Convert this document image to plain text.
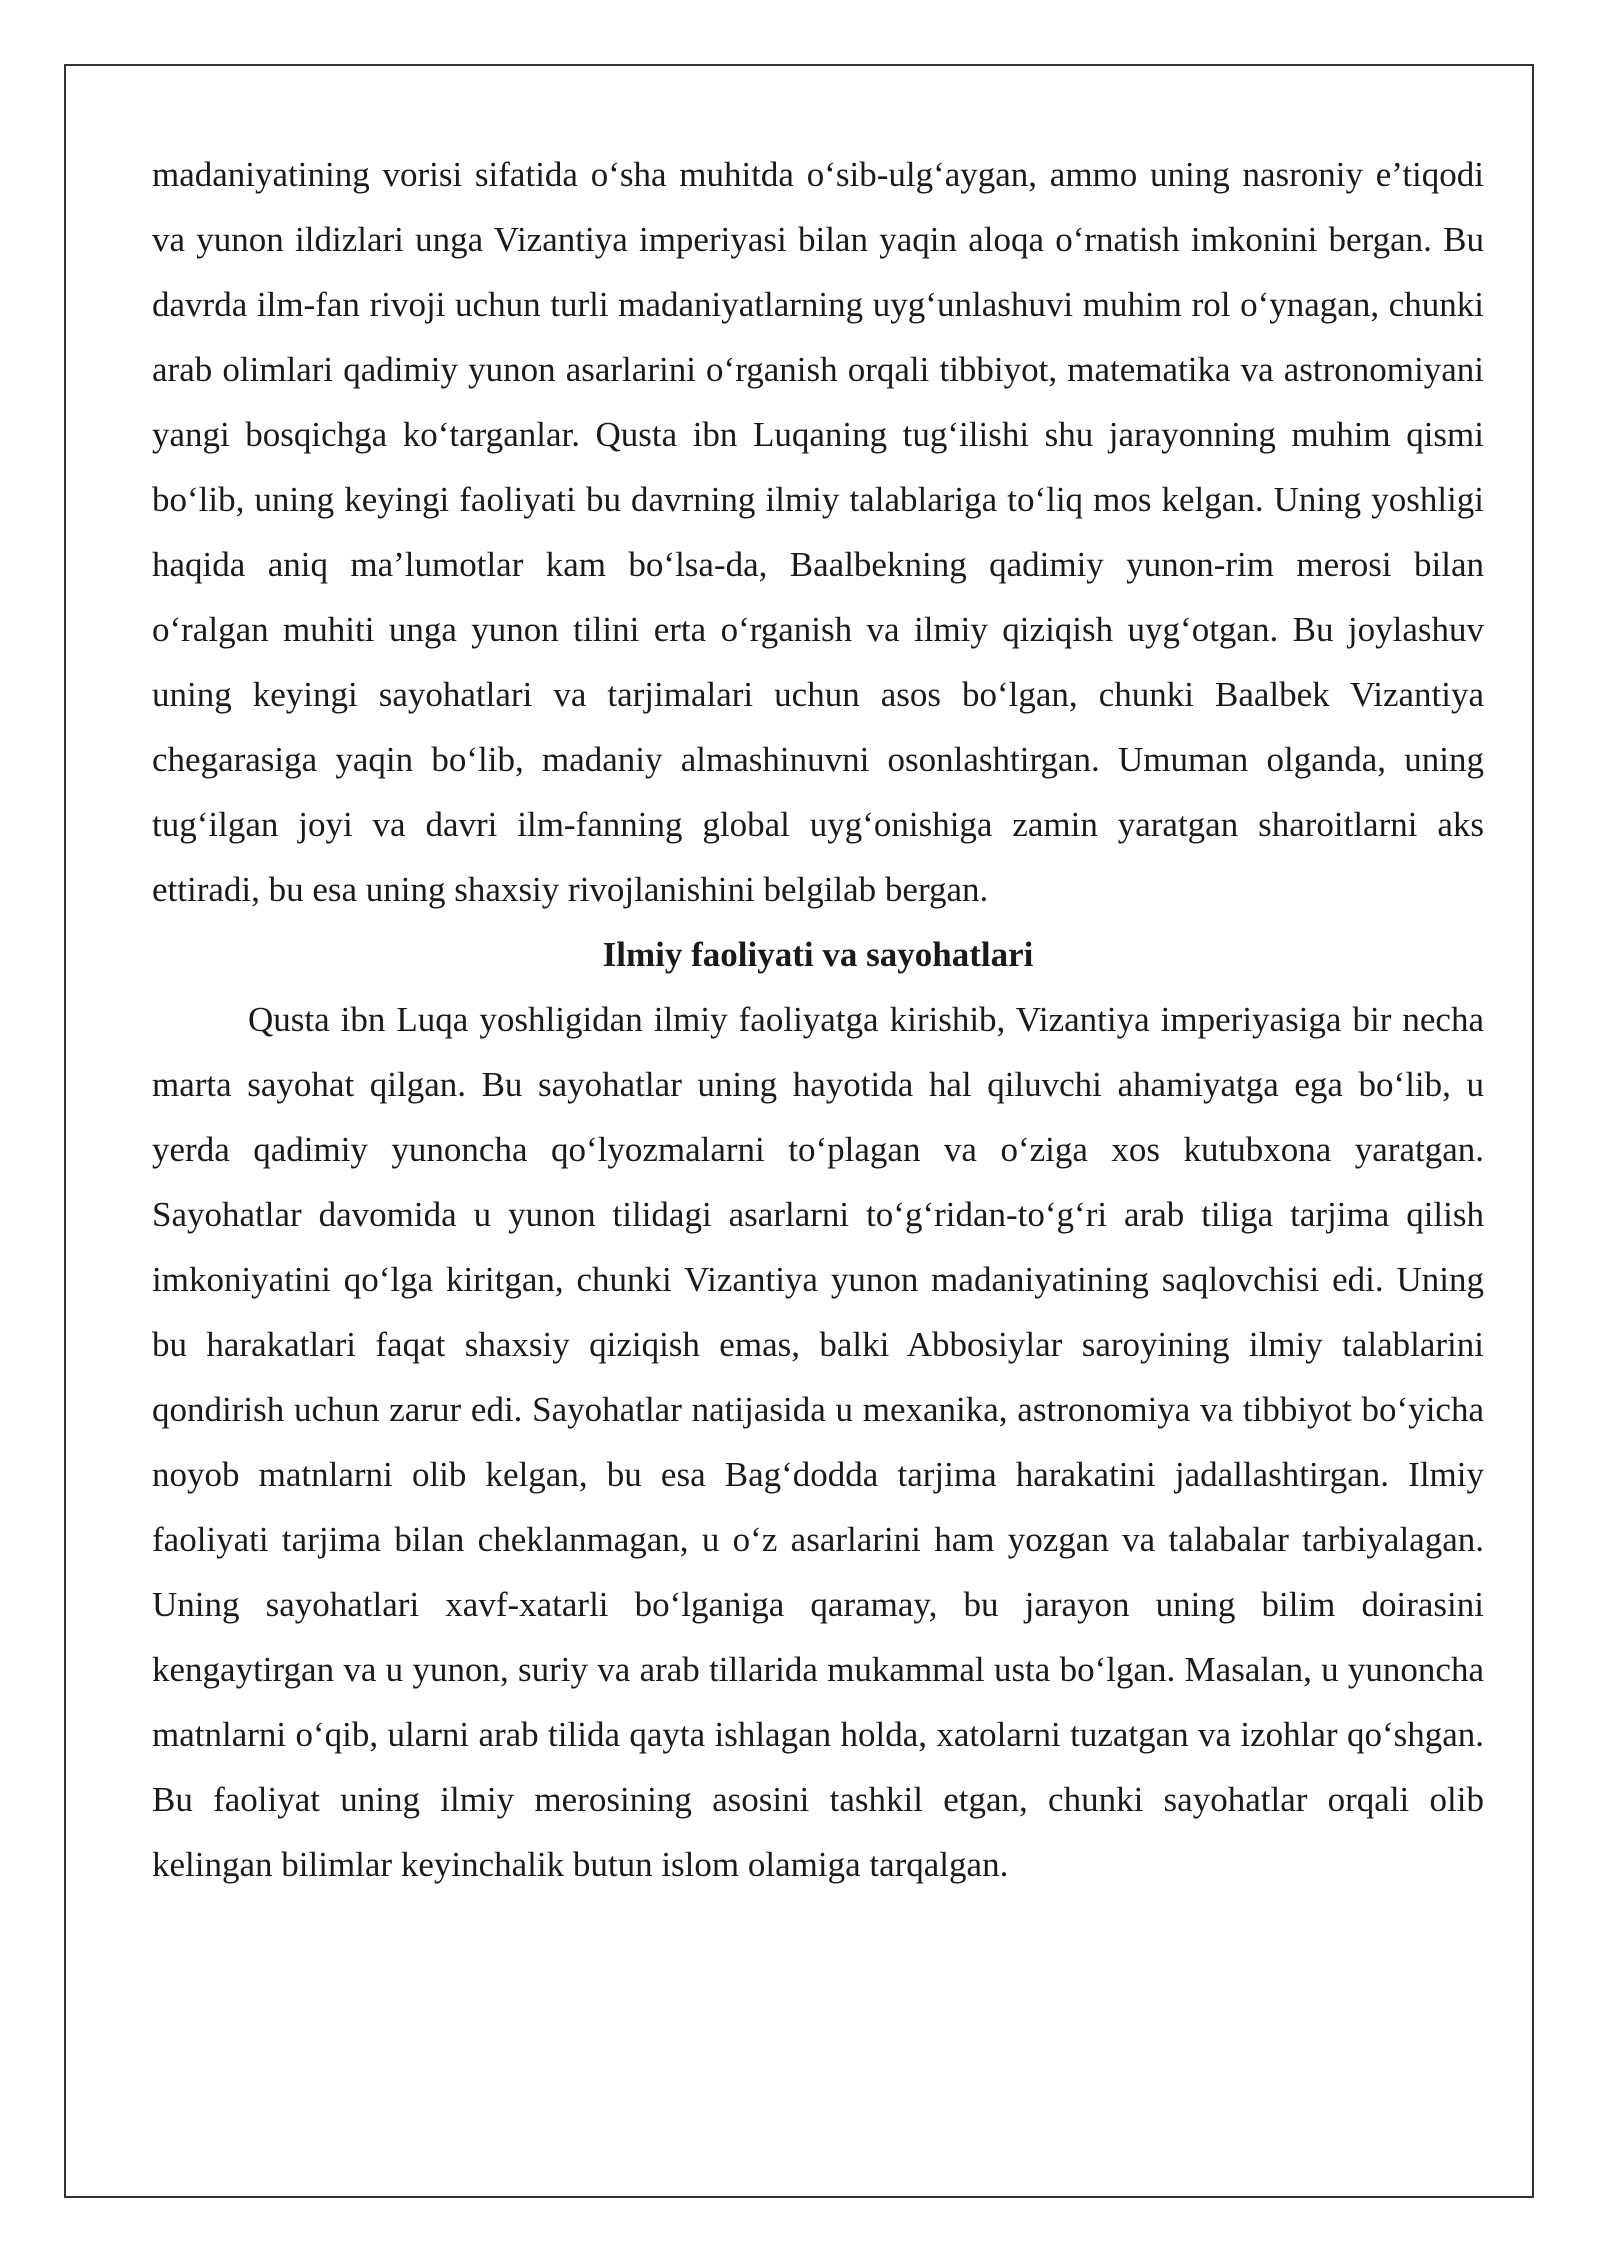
madaniyatining vorisi sifatida o‘sha muhitda o‘sib-ulg‘aygan, ammo uning nasroniy e’tiqodi va yunon ildizlari unga Vizantiya imperiyasi bilan yaqin aloqa o‘rnatish imkonini bergan. Bu davrda ilm-fan rivoji uchun turli madaniyatlarning uyg‘unlashuvi muhim rol o‘ynagan, chunki arab olimlari qadimiy yunon asarlarini o‘rganish orqali tibbiyot, matematika va astronomiyani yangi bosqichga ko‘targanlar. Qusta ibn Luqaning tug‘ilishi shu jarayonning muhim qismi bo‘lib, uning keyingi faoliyati bu davrning ilmiy talablariga to‘liq mos kelgan. Uning yoshligi haqida aniq ma’lumotlar kam bo‘lsa-da, Baalbekning qadimiy yunon-rim merosi bilan o‘ralgan muhiti unga yunon tilini erta o‘rganish va ilmiy qiziqish uyg‘otgan. Bu joylashuv uning keyingi sayohatlari va tarjimalari uchun asos bo‘lgan, chunki Baalbek Vizantiya chegarasiga yaqin bo‘lib, madaniy almashinuvni osonlashtirgan. Umuman olganda, uning tug‘ilgan joyi va davri ilm-fanning global uyg‘onishiga zamin yaratgan sharoitlarni aks ettiradi, bu esa uning shaxsiy rivojlanishini belgilab bergan.

Ilmiy faoliyati va sayohatlari

Qusta ibn Luqa yoshligidan ilmiy faoliyatga kirishib, Vizantiya imperiyasiga bir necha marta sayohat qilgan. Bu sayohatlar uning hayotida hal qiluvchi ahamiyatga ega bo‘lib, u yerda qadimiy yunoncha qo‘lyozmalarni to‘plagan va o‘ziga xos kutubxona yaratgan. Sayohatlar davomida u yunon tilidagi asarlarni to‘g‘ridan-to‘g‘ri arab tiliga tarjima qilish imkoniyatini qo‘lga kiritgan, chunki Vizantiya yunon madaniyatining saqlovchisi edi. Uning bu harakatlari faqat shaxsiy qiziqish emas, balki Abbosiylar saroyining ilmiy talablarini qondirish uchun zarur edi. Sayohatlar natijasida u mexanika, astronomiya va tibbiyot bo‘yicha noyob matnlarni olib kelgan, bu esa Bag‘dodda tarjima harakatini jadallashtirgan. Ilmiy faoliyati tarjima bilan cheklanmagan, u o‘z asarlarini ham yozgan va talabalar tarbiyalagan. Uning sayohatlari xavf-xatarli bo‘lganiga qaramay, bu jarayon uning bilim doirasini kengaytirgan va u yunon, suriy va arab tillarida mukammal usta bo‘lgan. Masalan, u yunoncha matnlarni o‘qib, ularni arab tilida qayta ishlagan holda, xatolarni tuzatgan va izohlar qo‘shgan. Bu faoliyat uning ilmiy merosining asosini tashkil etgan, chunki sayohatlar orqali olib kelingan bilimlar keyinchalik butun islom olamiga tarqalgan.
